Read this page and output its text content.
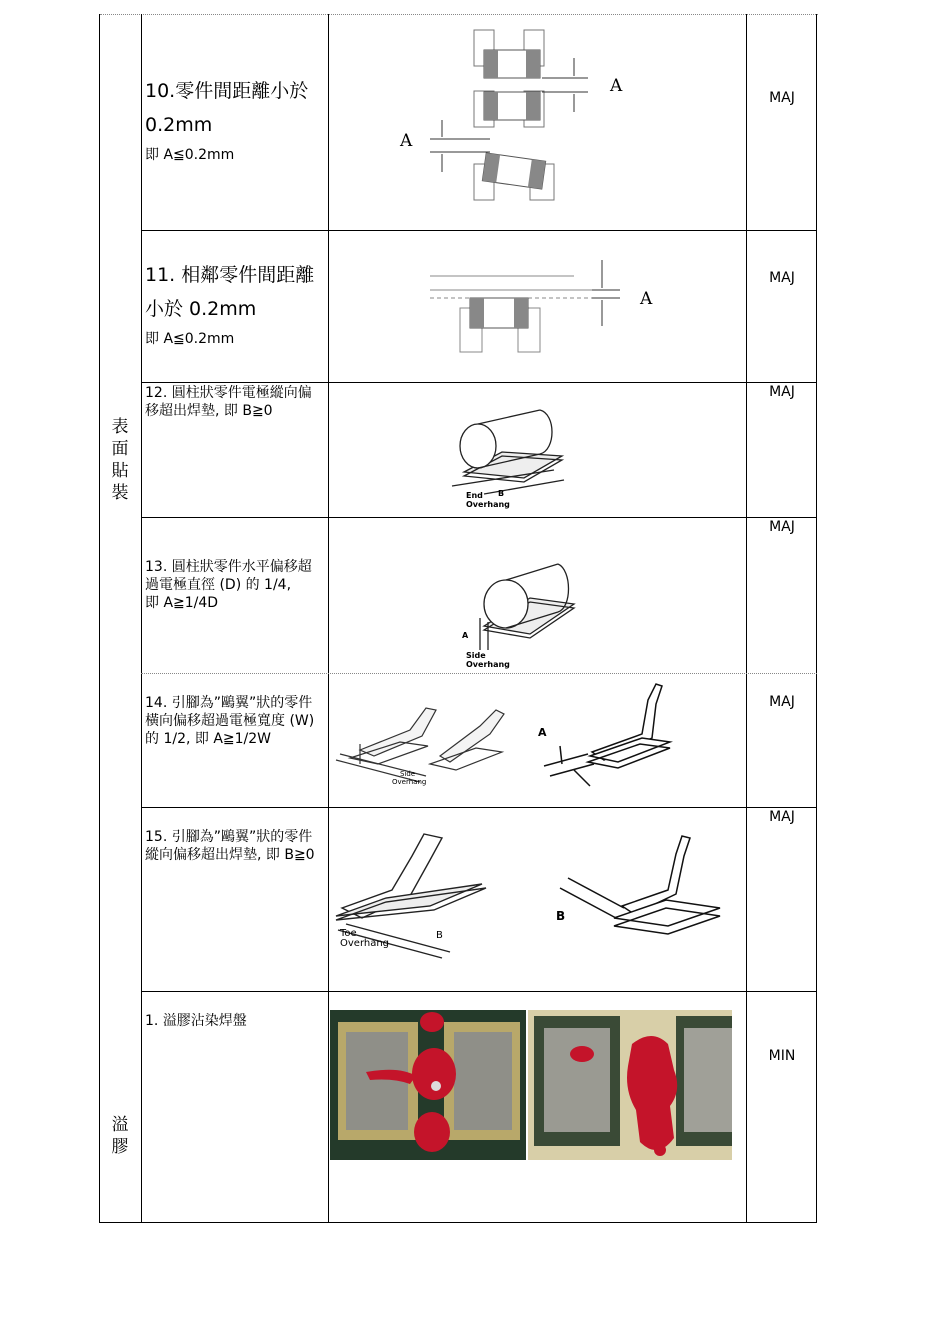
表
面
貼
裝
溢
膠
10.零件間距離小於
0.2mm
即 A≦0.2mm
MAJ
A
A
11. 相鄰零件間距離
小於 0.2mm
即 A≦0.2mm
MAJ
A
12. 圓柱狀零件電極縱向偏移超出焊墊, 即 B≧0
MAJ
End
Overhang
B
13. 圓柱狀零件水平偏移超過電極直徑 (D) 的 1/4,
即 A≧1/4D
MAJ
A
Side
Overhang
14. 引腳為”鷗翼”狀的零件橫向偏移超過電極寬度 (W) 的 1/2, 即 A≧1/2W
MAJ
Side
Overhang
A
15. 引腳為”鷗翼”狀的零件縱向偏移超出焊墊, 即 B≧0
MAJ
Toe
Overhang
B
B
1. 溢膠沾染焊盤
MIN
